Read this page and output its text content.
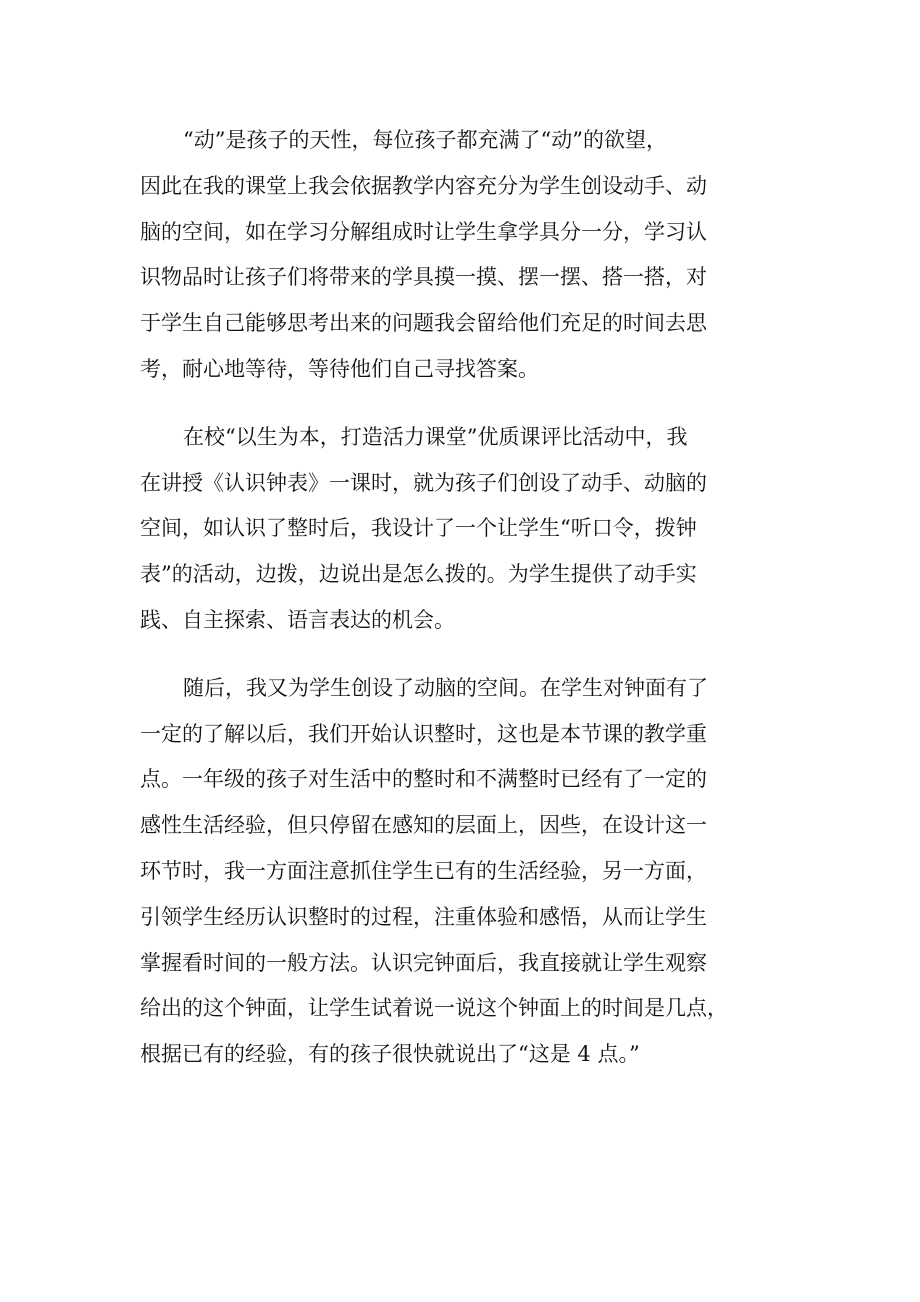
“动”是孩子的天性，每位孩子都充满了“动”的欲望，
因此在我的课堂上我会依据教学内容充分为学生创设动手、动
脑的空间，如在学习分解组成时让学生拿学具分一分，学习认
识物品时让孩子们将带来的学具摸一摸、摆一摆、搭一搭，对
于学生自己能够思考出来的问题我会留给他们充足的时间去思
考，耐心地等待，等待他们自己寻找答案。
在校“以生为本，打造活力课堂”优质课评比活动中，我
在讲授《认识钟表》一课时，就为孩子们创设了动手、动脑的
空间，如认识了整时后，我设计了一个让学生“听口令，拨钟
表”的活动，边拨，边说出是怎么拨的。为学生提供了动手实
践、自主探索、语言表达的机会。
随后，我又为学生创设了动脑的空间。在学生对钟面有了
一定的了解以后，我们开始认识整时，这也是本节课的教学重
点。一年级的孩子对生活中的整时和不满整时已经有了一定的
感性生活经验，但只停留在感知的层面上，因些，在设计这一
环节时，我一方面注意抓住学生已有的生活经验，另一方面，
引领学生经历认识整时的过程，注重体验和感悟，从而让学生
掌握看时间的一般方法。认识完钟面后，我直接就让学生观察
给出的这个钟面，让学生试着说一说这个钟面上的时间是几点，
根据已有的经验，有的孩子很快就说出了“这是 4 点。”
